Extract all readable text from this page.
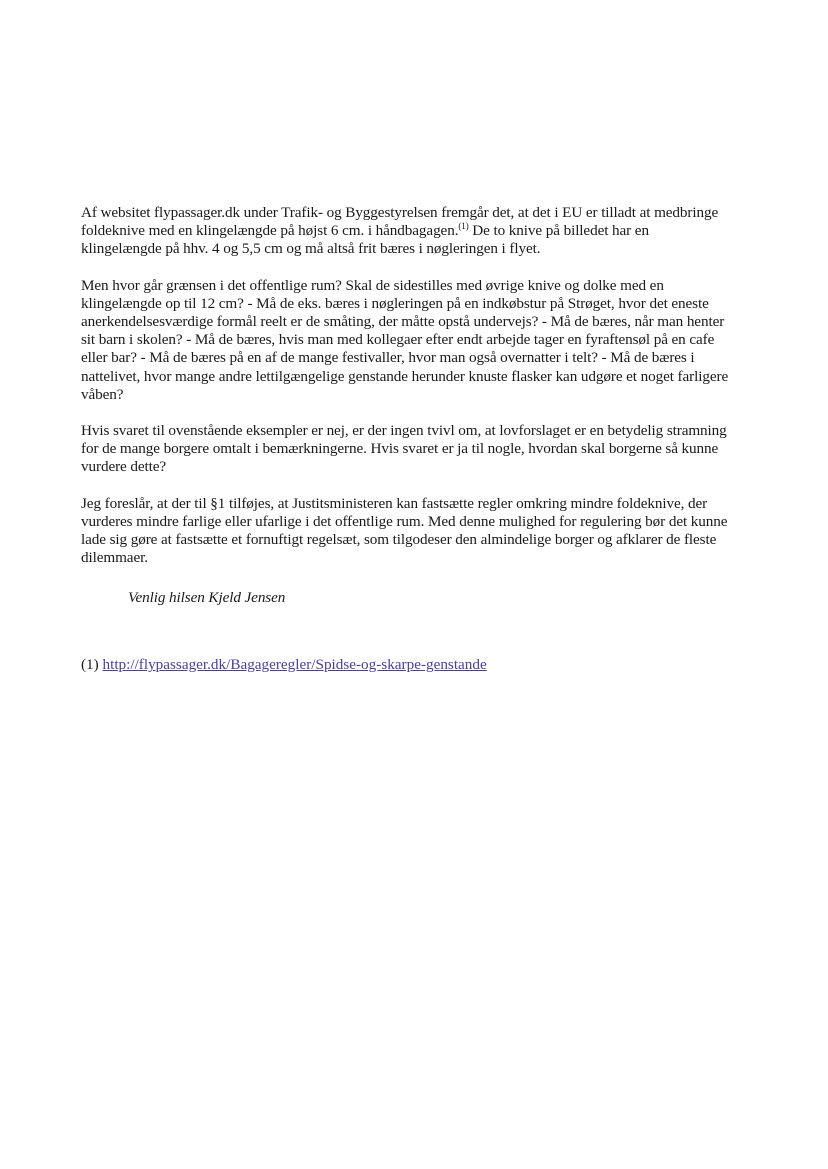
Af websitet flypassager.dk under Trafik- og Byggestyrelsen fremgår det, at det i EU er tilladt at medbringe foldeknive med en klingelængde på højst 6 cm. i håndbagagen.$^{(1)}$ De to knive på billedet har en klingelængde på hhv. 4 og 5,5 cm og må altså frit bæres i nøgleringen i flyet.

Men hvor går grænsen i det offentlige rum? Skal de sidestilles med øvrige knive og dolke med en klingelængde op til 12 cm? - Må de eks. bæres i nøgleringen på en indkøbstur på Strøget, hvor det eneste anerkendelsesværdige formål reelt er de småting, der måtte opstå undervejs? - Må de bæres, når man henter sit barn i skolen? - Må de bæres, hvis man med kollegaer efter endt arbejde tager en fyraftensøl på en cafe eller bar? - Må de bæres på en af de mange festivaller, hvor man også overnatter i telt? - Må de bæres i nattelivet, hvor mange andre lettilgængelige genstande herunder knuste flasker kan udgøre et noget farligere våben?

Hvis svaret til ovenstående eksempler er nej, er der ingen tvivl om, at lovforslaget er en betydelig stramning for de mange borgere omtalt i bemærkningerne. Hvis svaret er ja til nogle, hvordan skal borgerne så kunne vurdere dette?

Jeg foreslår, at der til §1 tilføjes, at Justitsministeren kan fastsætte regler omkring mindre foldeknive, der vurderes mindre farlige eller ufarlige i det offentlige rum. Med denne mulighed for regulering bør det kunne lade sig gøre at fastsætte et fornuftigt regelsæt, som tilgodeser den almindelige borger og afklarer de fleste dilemmaer.

Venlig hilsen Kjeld Jensen

(1) http://flypassager.dk/Bagageregler/Spidse-og-skarpe-genstande
